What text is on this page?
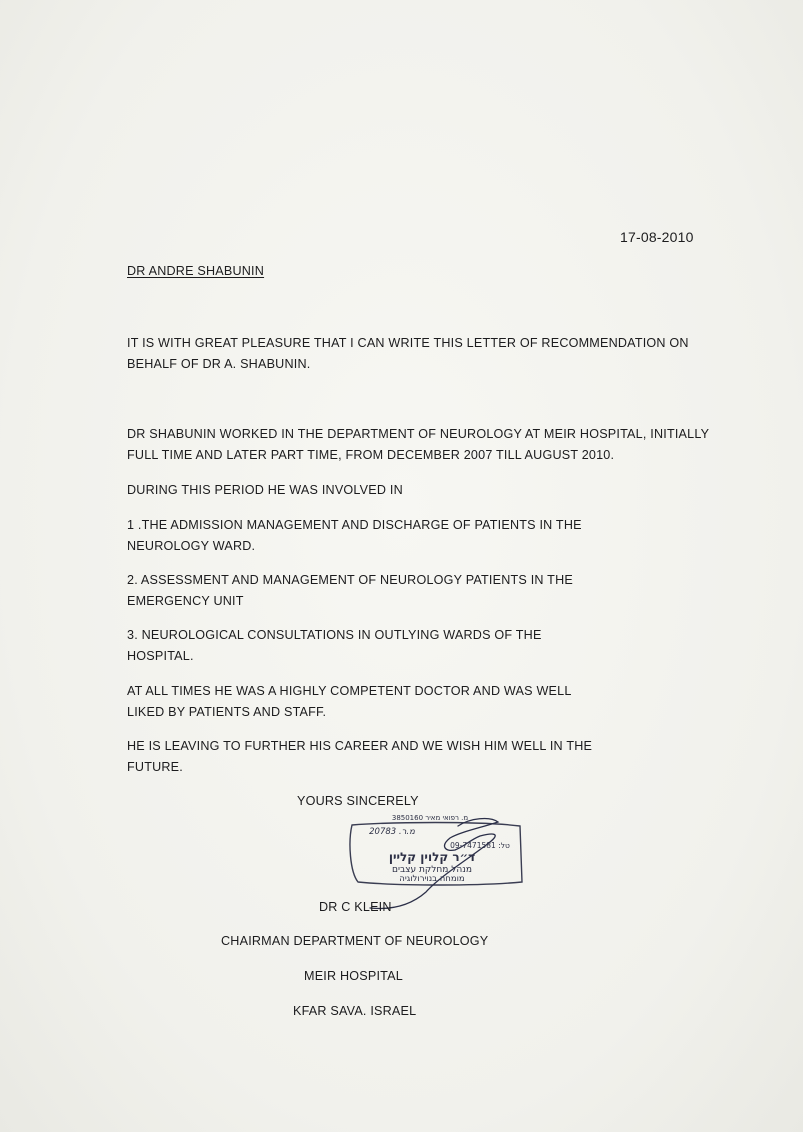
17-08-2010
DR ANDRE SHABUNIN
IT IS WITH GREAT PLEASURE THAT I CAN WRITE THIS LETTER OF RECOMMENDATION ON
BEHALF OF DR A. SHABUNIN.
DR SHABUNIN WORKED IN THE DEPARTMENT OF NEUROLOGY AT MEIR HOSPITAL, INITIALLY
FULL TIME AND LATER PART TIME, FROM DECEMBER 2007 TILL AUGUST 2010.
DURING THIS PERIOD HE WAS INVOLVED IN
1 .THE ADMISSION MANAGEMENT AND DISCHARGE OF PATIENTS IN THE
NEUROLOGY WARD.
2. ASSESSMENT AND MANAGEMENT OF NEUROLOGY PATIENTS IN THE
EMERGENCY UNIT
3. NEUROLOGICAL CONSULTATIONS IN OUTLYING WARDS OF THE
HOSPITAL.
AT ALL TIMES HE WAS A HIGHLY COMPETENT DOCTOR AND WAS WELL
LIKED BY PATIENTS AND STAFF.
HE IS LEAVING TO FURTHER HIS CAREER AND WE WISH HIM WELL IN THE
FUTURE.
YOURS SINCERELY
מ. רפואי מאיר 3850160
20783 .מ.ר
טל: 09-7471581
ד״ר קלוין קליין
מנהל מחלקת עצבים
מומחה בנוירולוגיה
DR C KLEIN
CHAIRMAN DEPARTMENT OF NEUROLOGY
MEIR HOSPITAL
KFAR SAVA. ISRAEL
